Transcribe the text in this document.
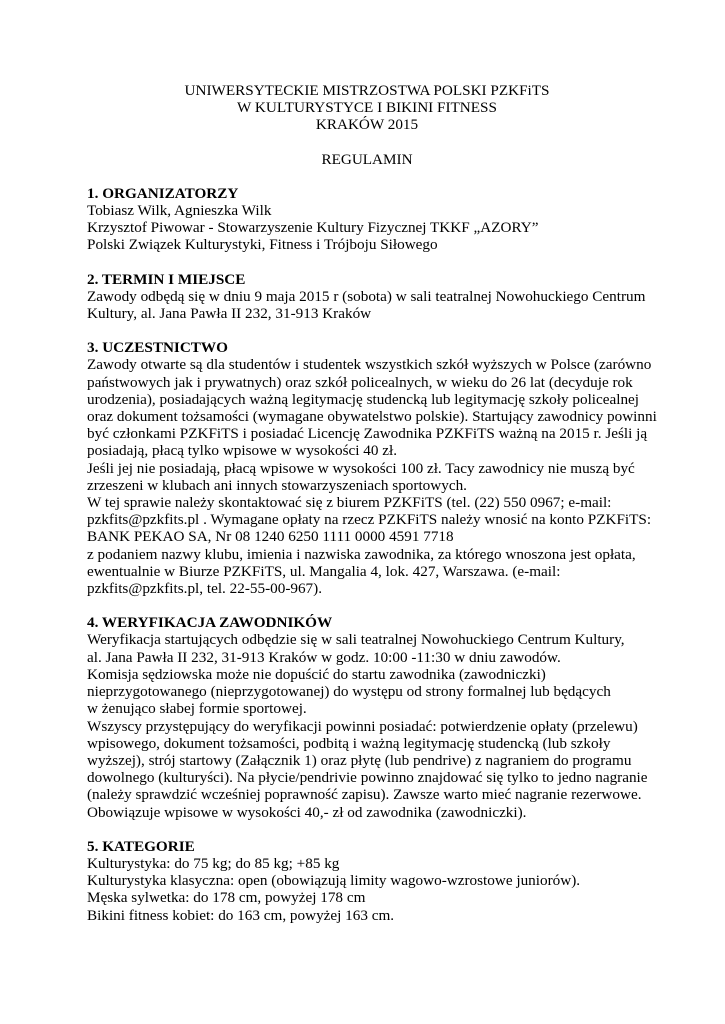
UNIWERSYTECKIE MISTRZOSTWA POLSKI PZKFiTS
W KULTURYSTYCE I BIKINI FITNESS
KRAKÓW 2015
REGULAMIN
1. ORGANIZATORZY
Tobiasz Wilk, Agnieszka Wilk
Krzysztof Piwowar - Stowarzyszenie Kultury Fizycznej TKKF „AZORY”
Polski Związek Kulturystyki, Fitness i Trójboju Siłowego
2. TERMIN I MIEJSCE
Zawody odbędą się w dniu 9 maja 2015 r (sobota) w sali teatralnej Nowohuckiego Centrum
Kultury, al. Jana Pawła II 232, 31-913 Kraków
3. UCZESTNICTWO
Zawody otwarte są dla studentów i studentek wszystkich szkół wyższych w Polsce (zarówno
państwowych jak i prywatnych) oraz szkół policealnych, w wieku do 26 lat (decyduje rok
urodzenia), posiadających ważną legitymację studencką lub legitymację szkoły policealnej
oraz dokument tożsamości (wymagane obywatelstwo polskie). Startujący zawodnicy powinni
być członkami PZKFiTS i posiadać Licencję Zawodnika PZKFiTS ważną na 2015 r. Jeśli ją
posiadają, płacą tylko wpisowe w wysokości 40 zł.
Jeśli jej nie posiadają, płacą wpisowe w wysokości 100 zł. Tacy zawodnicy nie muszą być
zrzeszeni w klubach ani innych stowarzyszeniach sportowych.
W tej sprawie należy skontaktować się z biurem PZKFiTS (tel. (22) 550 0967; e-mail:
pzkfits@pzkfits.pl . Wymagane opłaty na rzecz PZKFiTS należy wnosić na konto PZKFiTS:
BANK PEKAO SA, Nr 08 1240 6250 1111 0000 4591 7718
z podaniem nazwy klubu, imienia i nazwiska zawodnika, za którego wnoszona jest opłata,
ewentualnie w Biurze PZKFiTS, ul. Mangalia 4, lok. 427, Warszawa. (e-mail:
pzkfits@pzkfits.pl, tel. 22-55-00-967).
4. WERYFIKACJA ZAWODNIKÓW
Weryfikacja startujących odbędzie się w sali teatralnej Nowohuckiego Centrum Kultury,
al. Jana Pawła II 232, 31-913 Kraków w godz. 10:00 -11:30 w dniu zawodów.
Komisja sędziowska może nie dopuścić do startu zawodnika (zawodniczki)
nieprzygotowanego (nieprzygotowanej) do występu od strony formalnej lub będących
w żenująco słabej formie sportowej.
Wszyscy przystępujący do weryfikacji powinni posiadać: potwierdzenie opłaty (przelewu)
wpisowego, dokument tożsamości, podbitą i ważną legitymację studencką (lub szkoły
wyższej), strój startowy (Załącznik 1) oraz płytę (lub pendrive) z nagraniem do programu
dowolnego (kulturyści). Na płycie/pendrivie powinno znajdować się tylko to jedno nagranie
(należy sprawdzić wcześniej poprawność zapisu). Zawsze warto mieć nagranie rezerwowe.
Obowiązuje wpisowe w wysokości 40,- zł od zawodnika (zawodniczki).
5. KATEGORIE
Kulturystyka: do 75 kg; do 85 kg; +85 kg
Kulturystyka klasyczna: open (obowiązują limity wagowo-wzrostowe juniorów).
Męska sylwetka: do 178 cm, powyżej 178 cm
Bikini fitness kobiet: do 163 cm, powyżej 163 cm.
